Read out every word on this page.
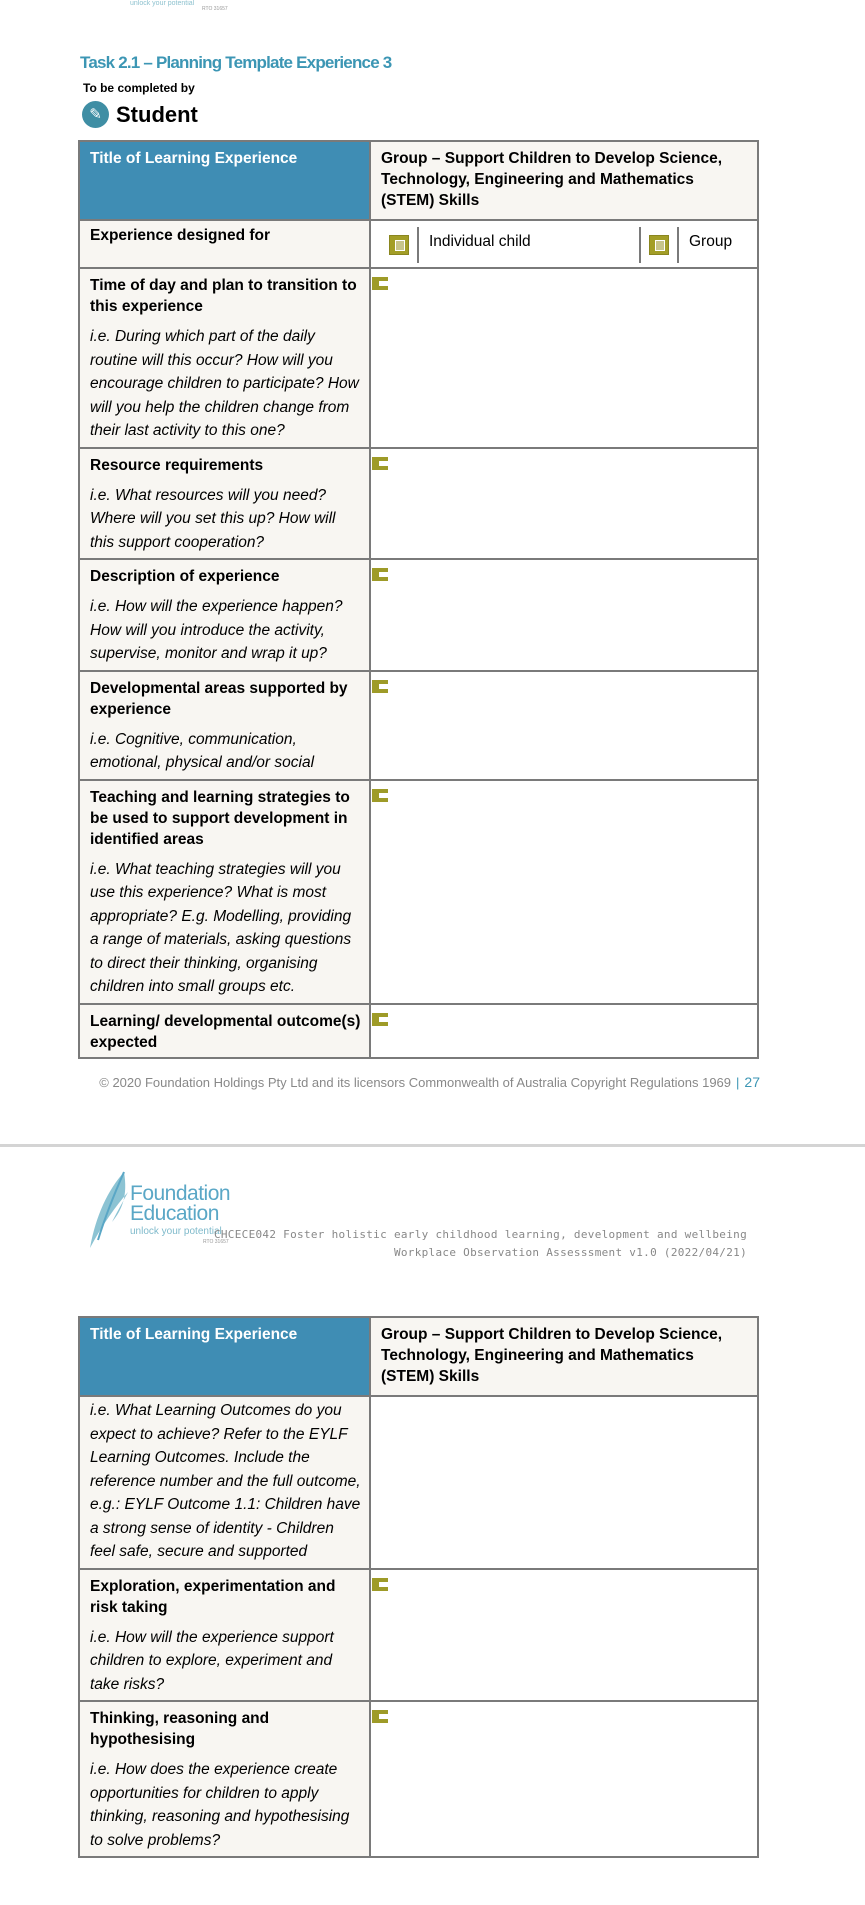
unlock your potential
RTO 31657
Task 2.1 – Planning Template Experience 3
To be completed by
✎ Student
Title of Learning Experience	Group – Support Children to Develop Science, Technology, Engineering and Mathematics (STEM) Skills
Experience designed for	Individual child Group

Time of day and plan to transition to this experience
i.e. During which part of the daily routine will this occur? How will you encourage children to participate? How will you help the children change from their last activity to this one?	

Resource requirements
i.e. What resources will you need? Where will you set this up? How will this support cooperation?	

Description of experience
i.e. How will the experience happen? How will you introduce the activity, supervise, monitor and wrap it up?	

Developmental areas supported by experience
i.e. Cognitive, communication, emotional, physical and/or social	

Teaching and learning strategies to be used to support development in identified areas
i.e. What teaching strategies will you use this experience? What is most appropriate? E.g. Modelling, providing a range of materials, asking questions to direct their thinking, organising children into small groups etc.	

Learning/ developmental outcome(s) expected	

© 2020 Foundation Holdings Pty Ltd and its licensors Commonwealth of Australia Copyright Regulations 1969 | 27
Foundation
Education
unlock your potential
RTO 31657
CHCECE042 Foster holistic early childhood learning, development and wellbeing
Workplace Observation Assesssment v1.0 (2022/04/21)
Title of Learning Experience	Group – Support Children to Develop Science, Technology, Engineering and Mathematics (STEM) Skills

i.e. What Learning Outcomes do you expect to achieve? Refer to the EYLF Learning Outcomes. Include the reference number and the full outcome, e.g.: EYLF Outcome 1.1: Children have a strong sense of identity - Children feel safe, secure and supported	

Exploration, experimentation and risk taking
i.e. How will the experience support children to explore, experiment and take risks?	

Thinking, reasoning and hypothesising
i.e. How does the experience create opportunities for children to apply thinking, reasoning and hypothesising to solve problems?	
